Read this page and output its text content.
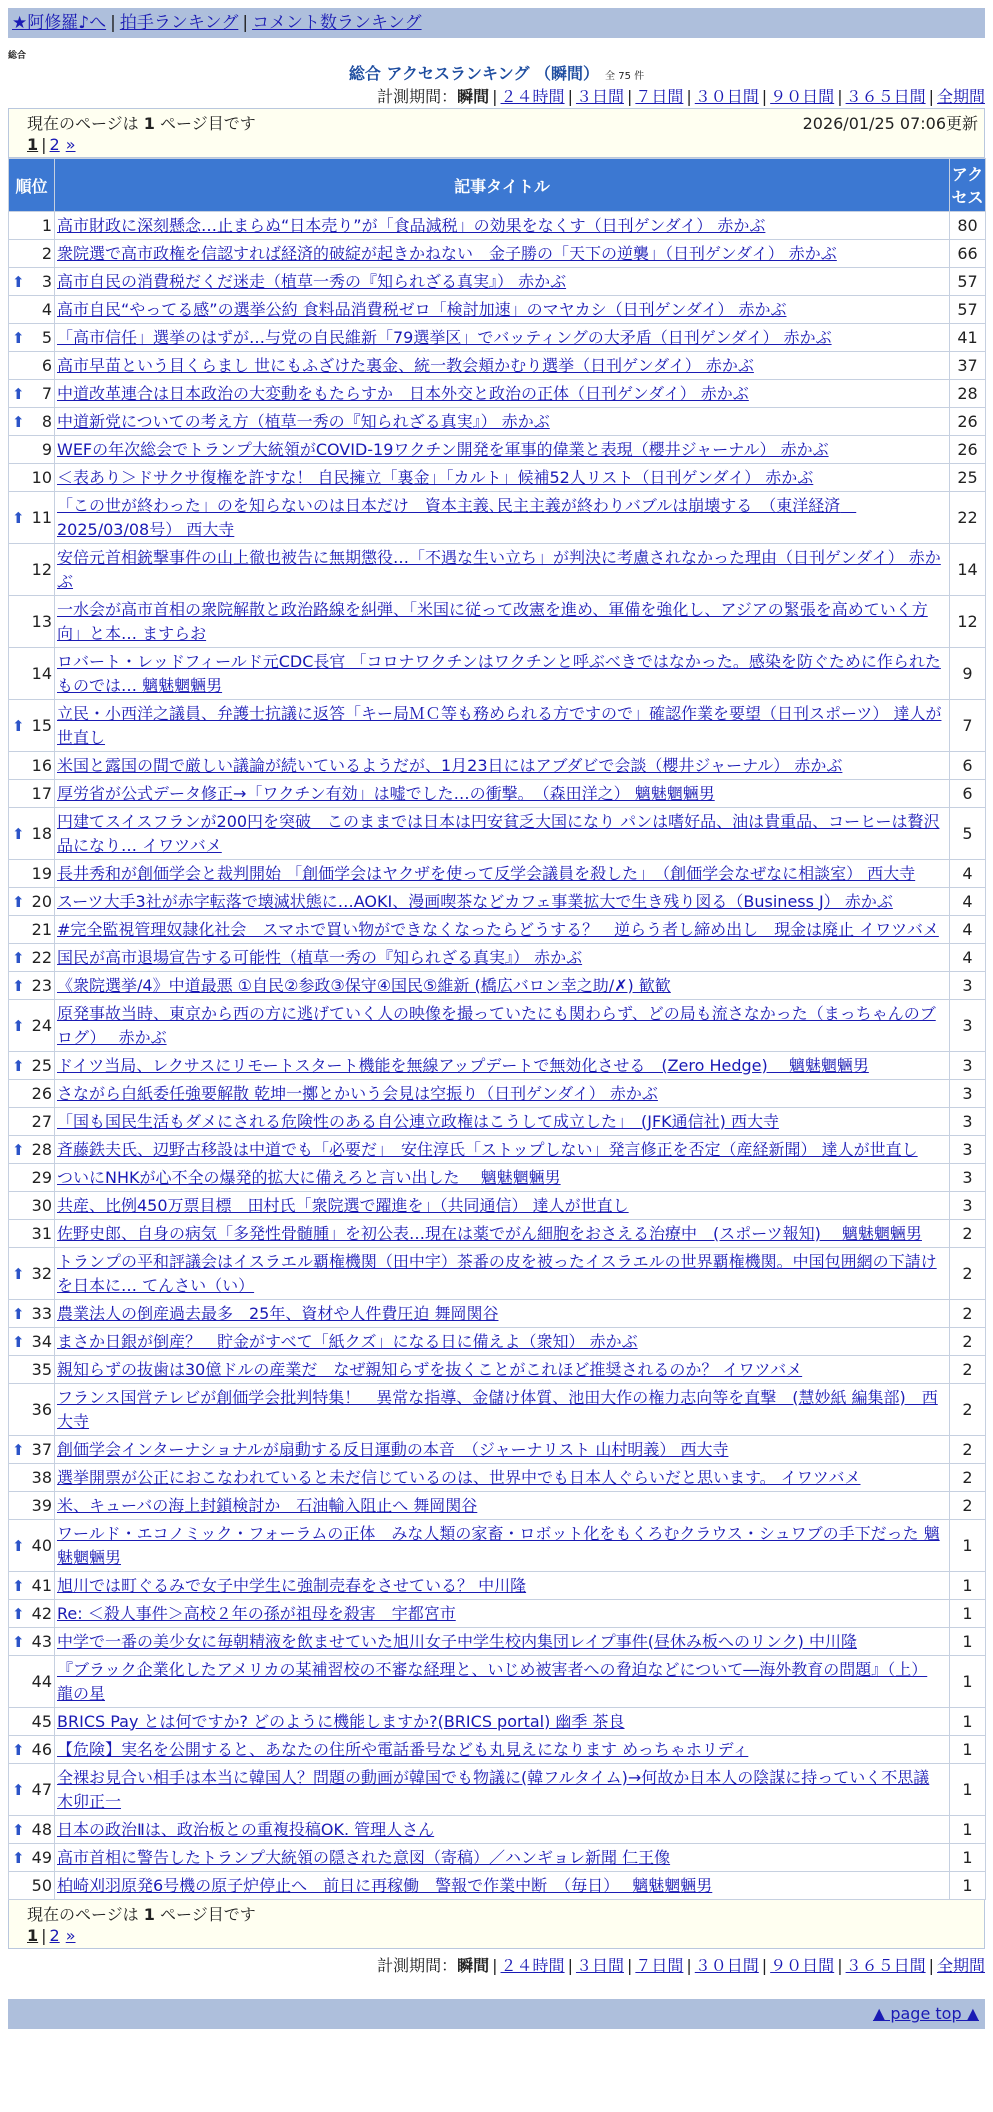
★阿修羅♪へ | 拍手ランキング | コメント数ランキング
総合
総合 アクセスランキング （瞬間） 全 75 件
計測期間：瞬間 | ２４時間 | ３日間 | ７日間 | ３０日間 | ９０日間 | ３６５日間 | 全期間
現在のページは 1 ページ目です	2026/01/25 07:06更新
1 | 2 »
順位	記事タイトル	アクセス
1	高市財政に深刻懸念…止まらぬ“日本売り”が「食品減税」の効果をなくす（日刊ゲンダイ） 赤かぶ	80
2	衆院選で高市政権を信認すれば経済的破綻が起きかねない　金子勝の「天下の逆襲」（日刊ゲンダイ） 赤かぶ	66

⬆ 3	高市自民の消費税だくだ迷走（植草一秀の『知られざる真実』） 赤かぶ	57
4	高市自民“やってる感”の選挙公約 食料品消費税ゼロ「検討加速」のマヤカシ（日刊ゲンダイ） 赤かぶ	57

⬆ 5	「高市信任」選挙のはずが…与党の自民維新「79選挙区」でバッティングの大矛盾（日刊ゲンダイ） 赤かぶ	41
6	高市早苗という目くらまし 世にもふざけた裏金、統一教会頬かむり選挙（日刊ゲンダイ） 赤かぶ	37

⬆ 7	中道改革連合は日本政治の大変動をもたらすか　日本外交と政治の正体（日刊ゲンダイ） 赤かぶ	28

⬆ 8	中道新党についての考え方（植草一秀の『知られざる真実』） 赤かぶ	26
9	WEFの年次総会でトランプ大統領がCOVID-19ワクチン開発を軍事的偉業と表現（櫻井ジャーナル） 赤かぶ	26
10	＜表あり＞ドサクサ復権を許すな！ 自民擁立「裏金」「カルト」候補52人リスト（日刊ゲンダイ） 赤かぶ	25

⬆ 11	「この世が終わった」のを知らないのは日本だけ　資本主義､民主主義が終わりバブルは崩壊する　（東洋経済　2025/03/08号） 西大寺	22
12	安倍元首相銃撃事件の山上徹也被告に無期懲役…「不遇な生い立ち」が判決に考慮されなかった理由（日刊ゲンダイ） 赤かぶ	14
13	一水会が高市首相の衆院解散と政治路線を糾弾、「米国に従って改憲を進め、軍備を強化し、アジアの緊張を高めていく方向」と本… ますらお	12
14	ロバート・レッドフィールド元CDC長官 「コロナワクチンはワクチンと呼ぶべきではなかった。感染を防ぐために作られたものでは… 魑魅魍魎男	9

⬆ 15	立民・小西洋之議員、弁護士抗議に返答「キー局ＭＣ等も務められる方ですので」確認作業を要望（日刊スポーツ） 達人が世直し	7
16	米国と露国の間で厳しい議論が続いているようだが、1月23日にはアブダビで会談（櫻井ジャーナル） 赤かぶ	6
17	厚労省が公式データ修正→「ワクチン有効」は嘘でした…の衝撃。　（森田洋之） 魑魅魍魎男	6

⬆ 18	円建てスイスフランが200円を突破　このままでは日本は円安貧乏大国になり パンは嗜好品、油は貴重品、コーヒーは贅沢品になり… イワツバメ	5
19	長井秀和が創価学会と裁判開始 「創価学会はヤクザを使って反学会議員を殺した」　（創価学会なぜなに相談室） 西大寺	4

⬆ 20	スーツ大手3社が赤字転落で壊滅状態に…AOKI、漫画喫茶などカフェ事業拡大で生き残り図る（Business J） 赤かぶ	4
21	#完全監視管理奴隷化社会　スマホで買い物ができなくなったらどうする？　逆らう者し締め出し　現金は廃止 イワツバメ	4

⬆ 22	国民が高市退場宣告する可能性（植草一秀の『知られざる真実』） 赤かぶ	4

⬆ 23	《衆院選挙/4》中道最悪 ①自民②参政③保守④国民⑤維新 (橋広バロン幸之助/✗) 歓歓	3

⬆ 24	原発事故当時、東京から西の方に逃げていく人の映像を撮っていたにも関わらず、どの局も流さなかった（まっちゃんのブログ）　 赤かぶ	3

⬆ 25	ドイツ当局、レクサスにリモートスタート機能を無線アップデートで無効化させる　(Zero Hedge)　 魑魅魍魎男	3
26	さながら白紙委任強要解散 乾坤一擲とかいう会見は空振り（日刊ゲンダイ） 赤かぶ	3
27	「国も国民生活もダメにされる危険性のある自公連立政権はこうして成立した」　(JFK通信社) 西大寺	3

⬆ 28	斉藤鉄夫氏、辺野古移設は中道でも「必要だ」　安住淳氏「ストップしない」発言修正を否定（産経新聞） 達人が世直し	3
29	ついにNHKが心不全の爆発的拡大に備えろと言い出した　 魑魅魍魎男	3
30	共産、比例450万票目標　田村氏「衆院選で躍進を」（共同通信） 達人が世直し	3
31	佐野史郎、自身の病気「多発性骨髄腫」を初公表…現在は薬でがん細胞をおさえる治療中　(スポーツ報知)　 魑魅魍魎男	2

⬆ 32	トランプの平和評議会はイスラエル覇権機関（田中宇）茶番の皮を被ったイスラエルの世界覇権機関。中国包囲網の下請けを日本に… てんさい（い）	2

⬆ 33	農業法人の倒産過去最多　25年、資材や人件費圧迫 舞岡関谷	2

⬆ 34	まさか日銀が倒産？　貯金がすべて「紙クズ」になる日に備えよ（衆知） 赤かぶ	2
35	親知らずの抜歯は30億ドルの産業だ　なぜ親知らずを抜くことがこれほど推奨されるのか？ イワツバメ	2
36	フランス国営テレビが創価学会批判特集！　異常な指導、金儲け体質、池田大作の権力志向等を直撃　(慧妙紙 編集部)　西大寺	2

⬆ 37	創価学会インターナショナルが扇動する反日運動の本音　（ジャーナリスト 山村明義） 西大寺	2
38	選挙開票が公正におこなわれていると未だ信じているのは、世界中でも日本人ぐらいだと思います。 イワツバメ	2
39	米、キューバの海上封鎖検討か　石油輸入阻止へ 舞岡関谷	2

⬆ 40	ワールド・エコノミック・フォーラムの正体　みな人類の家畜・ロボット化をもくろむクラウス・シュワブの手下だった 魑魅魍魎男	1

⬆ 41	旭川では町ぐるみで女子中学生に強制売春をさせている？ 中川隆	1

⬆ 42	Re: ＜殺人事件＞高校２年の孫が祖母を殺害　宇都宮市	1

⬆ 43	中学で一番の美少女に毎朝精液を飲ませていた旭川女子中学生校内集団レイプ事件(昼休み板へのリンク) 中川隆	1
44	『ブラック企業化したアメリカの某補習校の不審な経理と、いじめ被害者への脅迫などについて―海外教育の問題』（上） 龍の星	1
45	BRICS Pay とは何ですか? どのように機能しますか?(BRICS portal) 幽季 茶良	1

⬆ 46	【危険】実名を公開すると、あなたの住所や電話番号なども丸見えになります めっちゃホリディ	1

⬆ 47	全裸お見合い相手は本当に韓国人？問題の動画が韓国でも物議に(韓フルタイム)→何故か日本人の陰謀に持っていく不思議 木卯正一	1

⬆ 48	日本の政治Ⅱは、政治板との重複投稿OK. 管理人さん	1

⬆ 49	高市首相に警告したトランプ大統領の隠された意図（寄稿）／ハンギョレ新聞 仁王像	1
50	柏崎刈羽原発6号機の原子炉停止へ　前日に再稼働　警報で作業中断　（毎日）　 魑魅魍魎男	1
現在のページは 1 ページ目です
1 | 2 »
計測期間：瞬間 | ２４時間 | ３日間 | ７日間 | ３０日間 | ９０日間 | ３６５日間 | 全期間
▲ page top ▲
